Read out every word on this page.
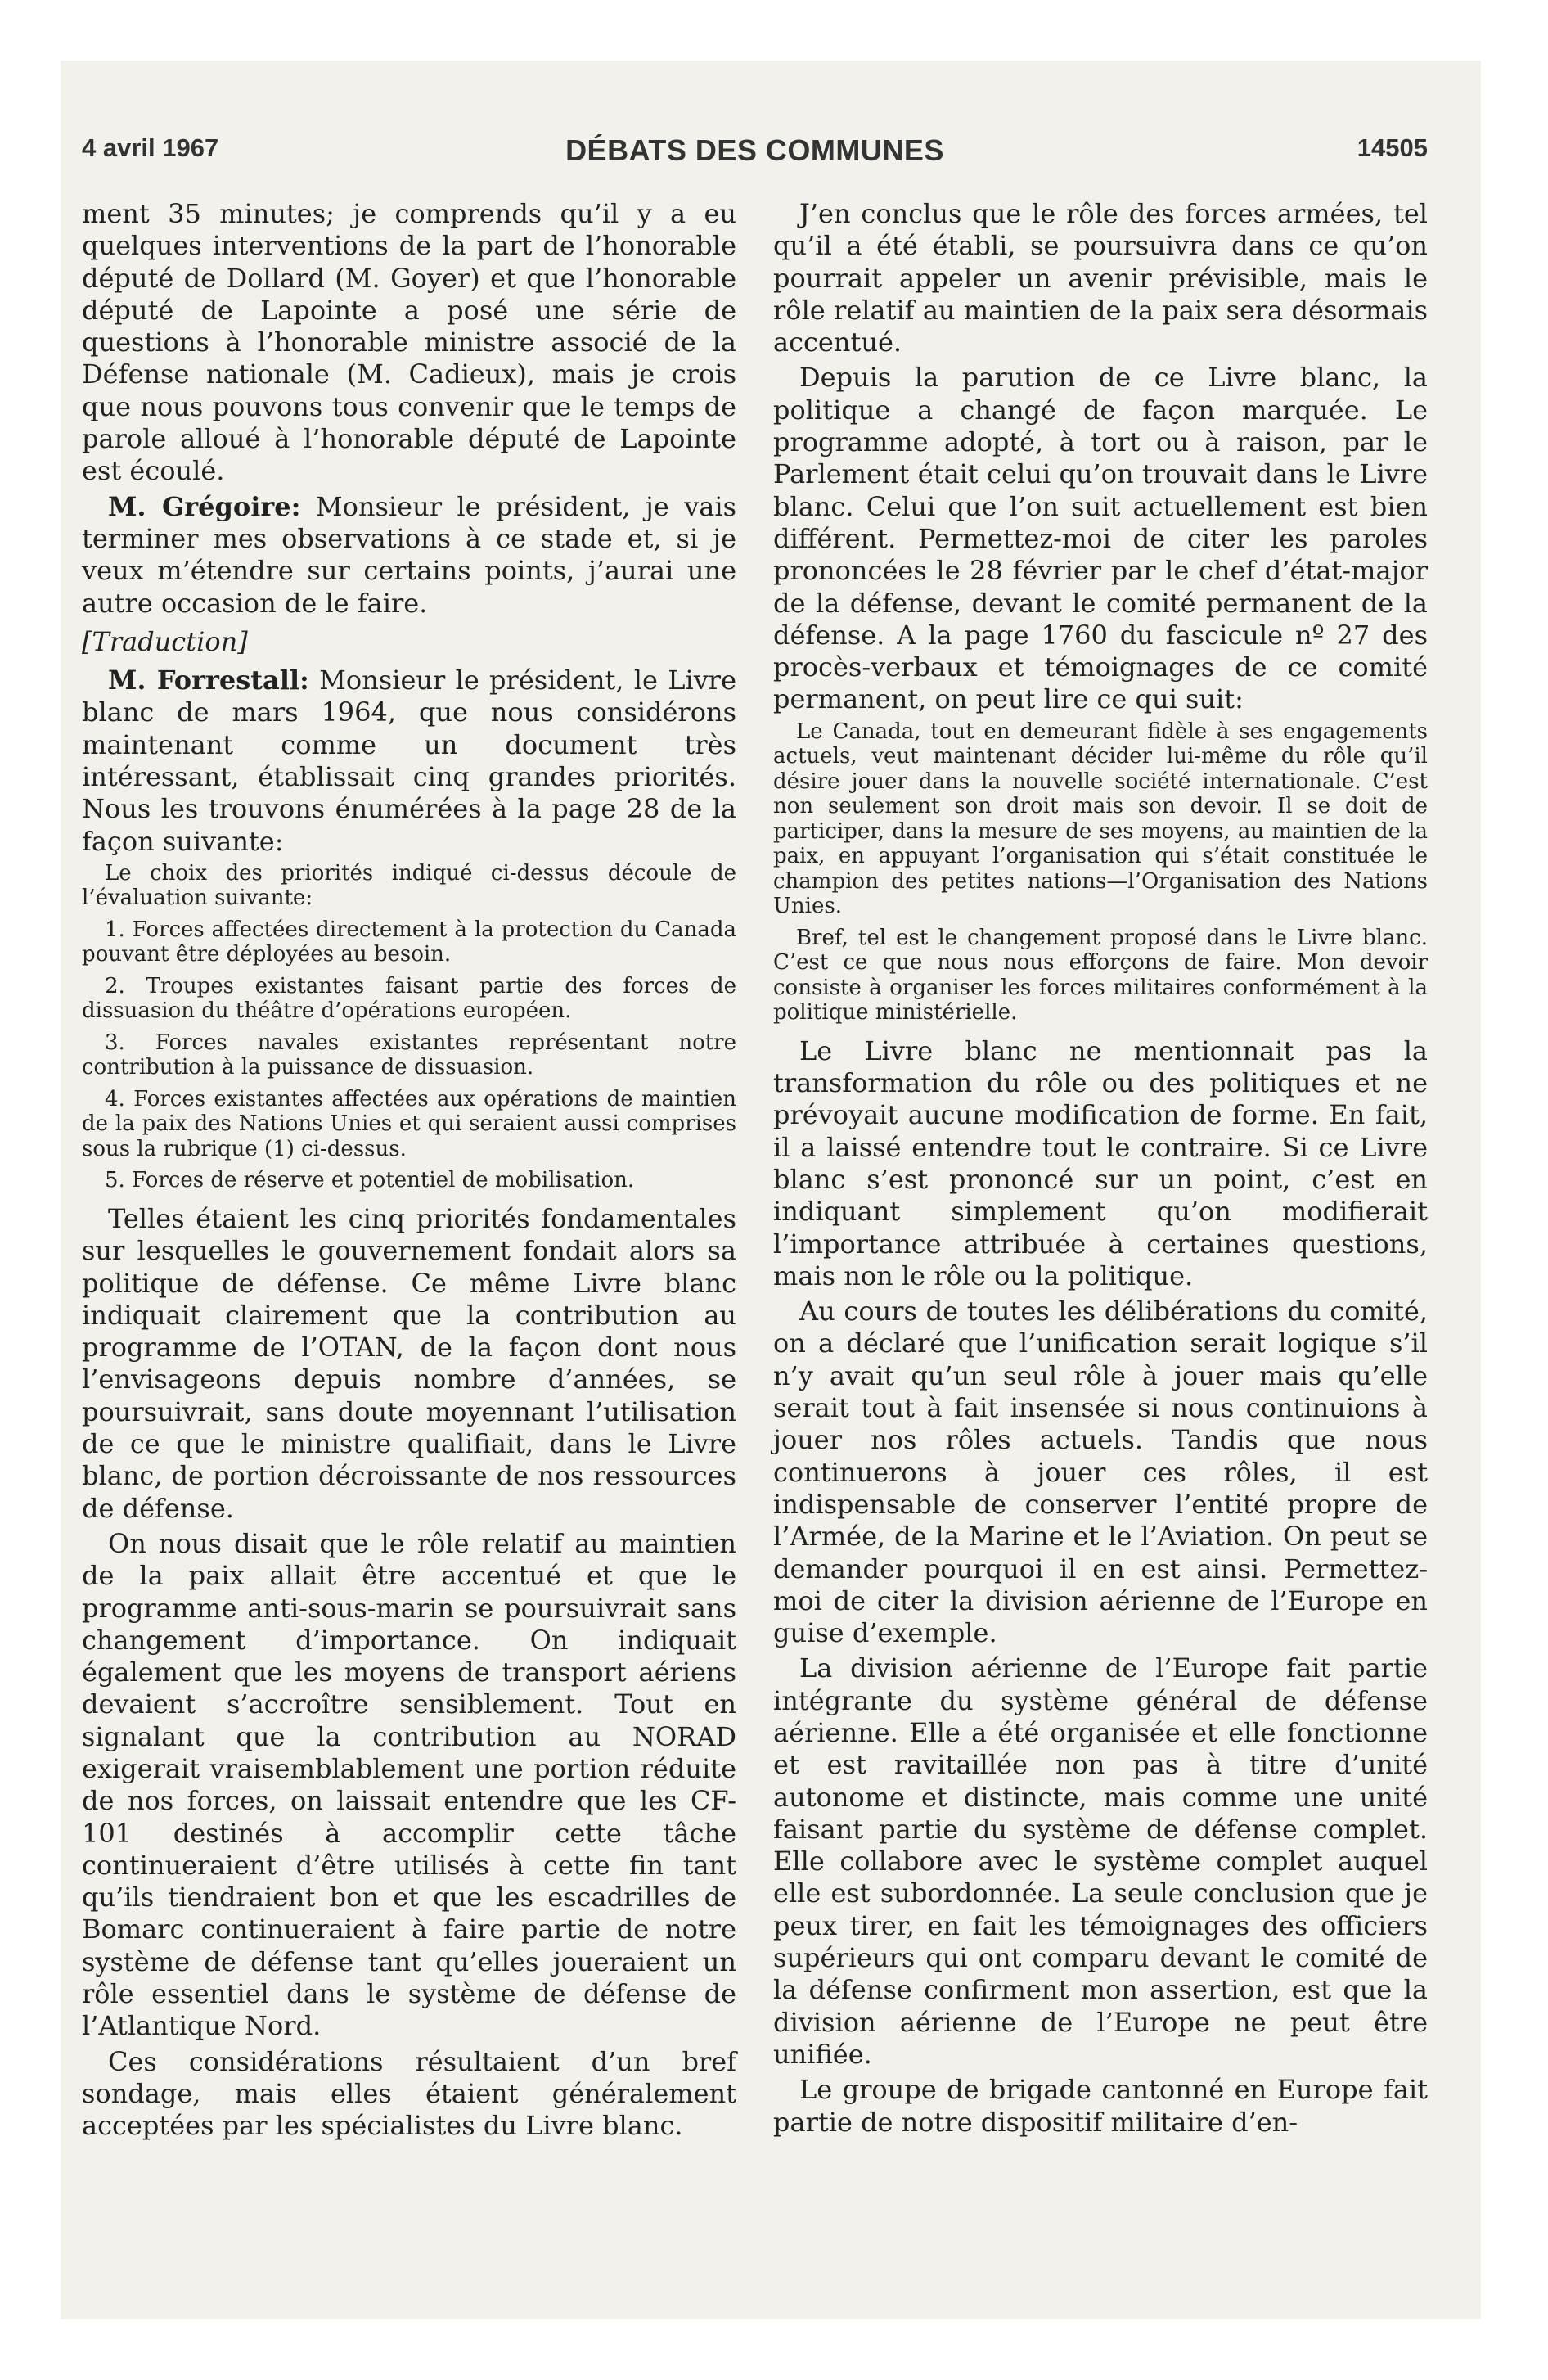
4 avril 1967	DÉBATS DES COMMUNES	14505

ment 35 minutes; je comprends qu’il y a eu quelques interventions de la part de l’honorable député de Dollard (M. Goyer) et que l’honorable député de Lapointe a posé une série de questions à l’honorable ministre associé de la Défense nationale (M. Cadieux), mais je crois que nous pouvons tous convenir que le temps de parole alloué à l’honorable député de Lapointe est écoulé.

M. Grégoire: Monsieur le président, je vais terminer mes observations à ce stade et, si je veux m’étendre sur certains points, j’aurai une autre occasion de le faire.

[Traduction]

M. Forrestall: Monsieur le président, le Livre blanc de mars 1964, que nous considérons maintenant comme un document très intéressant, établissait cinq grandes priorités. Nous les trouvons énumérées à la page 28 de la façon suivante:

Le choix des priorités indiqué ci-dessus découle de l’évaluation suivante:

1. Forces affectées directement à la protection du Canada pouvant être déployées au besoin.

2. Troupes existantes faisant partie des forces de dissuasion du théâtre d’opérations européen.

3. Forces navales existantes représentant notre contribution à la puissance de dissuasion.

4. Forces existantes affectées aux opérations de maintien de la paix des Nations Unies et qui seraient aussi comprises sous la rubrique (1) ci-dessus.

5. Forces de réserve et potentiel de mobilisation.

Telles étaient les cinq priorités fondamentales sur lesquelles le gouvernement fondait alors sa politique de défense. Ce même Livre blanc indiquait clairement que la contribution au programme de l’OTAN, de la façon dont nous l’envisageons depuis nombre d’années, se poursuivrait, sans doute moyennant l’utilisation de ce que le ministre qualifiait, dans le Livre blanc, de portion décroissante de nos ressources de défense.

On nous disait que le rôle relatif au maintien de la paix allait être accentué et que le programme anti-sous-marin se poursuivrait sans changement d’importance. On indiquait également que les moyens de transport aériens devaient s’accroître sensiblement. Tout en signalant que la contribution au NORAD exigerait vraisemblablement une portion réduite de nos forces, on laissait entendre que les CF-101 destinés à accomplir cette tâche continueraient d’être utilisés à cette fin tant qu’ils tiendraient bon et que les escadrilles de Bomarc continueraient à faire partie de notre système de défense tant qu’elles joueraient un rôle essentiel dans le système de défense de l’Atlantique Nord.

Ces considérations résultaient d’un bref sondage, mais elles étaient généralement acceptées par les spécialistes du Livre blanc.

J’en conclus que le rôle des forces armées, tel qu’il a été établi, se poursuivra dans ce qu’on pourrait appeler un avenir prévisible, mais le rôle relatif au maintien de la paix sera désormais accentué.

Depuis la parution de ce Livre blanc, la politique a changé de façon marquée. Le programme adopté, à tort ou à raison, par le Parlement était celui qu’on trouvait dans le Livre blanc. Celui que l’on suit actuellement est bien différent. Permettez-moi de citer les paroles prononcées le 28 février par le chef d’état-major de la défense, devant le comité permanent de la défense. A la page 1760 du fascicule nº 27 des procès-verbaux et témoignages de ce comité permanent, on peut lire ce qui suit:

Le Canada, tout en demeurant fidèle à ses engagements actuels, veut maintenant décider lui-même du rôle qu’il désire jouer dans la nouvelle société internationale. C’est non seulement son droit mais son devoir. Il se doit de participer, dans la mesure de ses moyens, au maintien de la paix, en appuyant l’organisation qui s’était constituée le champion des petites nations—l’Organisation des Nations Unies.

Bref, tel est le changement proposé dans le Livre blanc. C’est ce que nous nous efforçons de faire. Mon devoir consiste à organiser les forces militaires conformément à la politique ministérielle.

Le Livre blanc ne mentionnait pas la transformation du rôle ou des politiques et ne prévoyait aucune modification de forme. En fait, il a laissé entendre tout le contraire. Si ce Livre blanc s’est prononcé sur un point, c’est en indiquant simplement qu’on modifierait l’importance attribuée à certaines questions, mais non le rôle ou la politique.

Au cours de toutes les délibérations du comité, on a déclaré que l’unification serait logique s’il n’y avait qu’un seul rôle à jouer mais qu’elle serait tout à fait insensée si nous continuions à jouer nos rôles actuels. Tandis que nous continuerons à jouer ces rôles, il est indispensable de conserver l’entité propre de l’Armée, de la Marine et le l’Aviation. On peut se demander pourquoi il en est ainsi. Permettez-moi de citer la division aérienne de l’Europe en guise d’exemple.

La division aérienne de l’Europe fait partie intégrante du système général de défense aérienne. Elle a été organisée et elle fonctionne et est ravitaillée non pas à titre d’unité autonome et distincte, mais comme une unité faisant partie du système de défense complet. Elle collabore avec le système complet auquel elle est subordonnée. La seule conclusion que je peux tirer, en fait les témoignages des officiers supérieurs qui ont comparu devant le comité de la défense confirment mon assertion, est que la division aérienne de l’Europe ne peut être unifiée.

Le groupe de brigade cantonné en Europe fait partie de notre dispositif militaire d’en-
